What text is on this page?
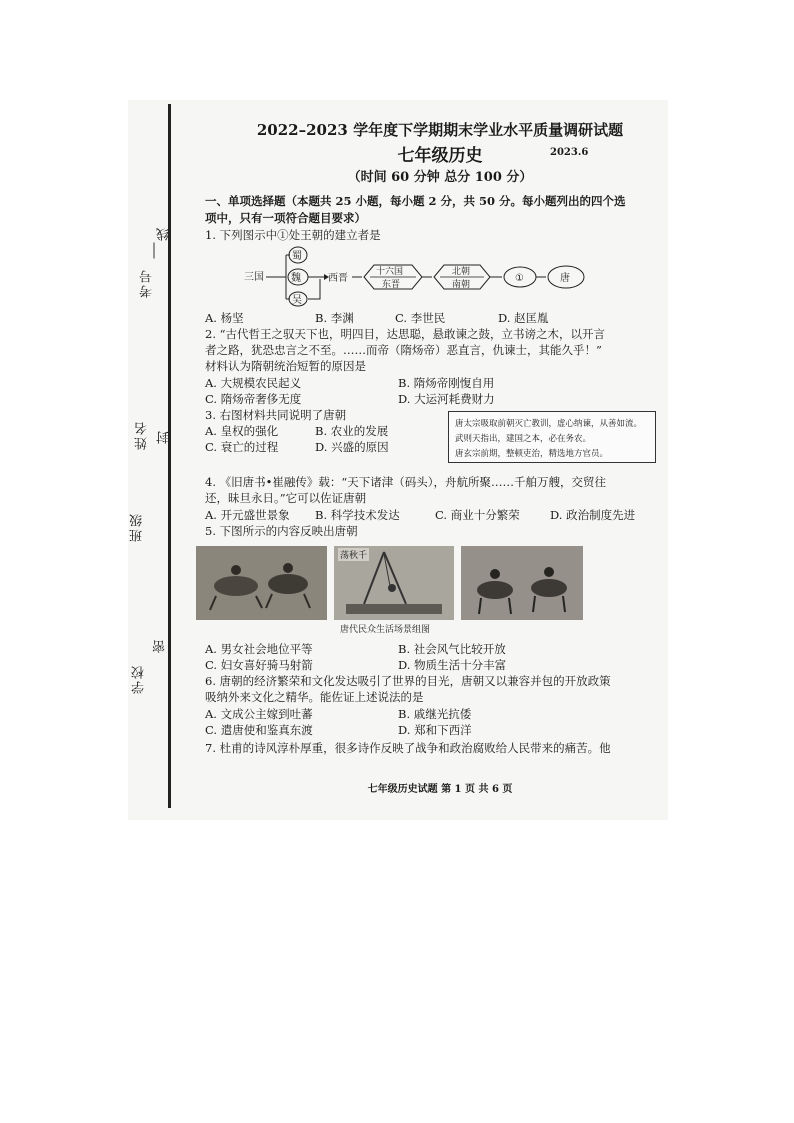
考号
姓名
班级
学校
线
封
密
2022–2023 学年度下学期期末学业水平质量调研试题
七年级历史	2023.6
（时间 60 分钟 总分 100 分）
一、单项选择题（本题共 25 小题，每小题 2 分，共 50 分。每小题列出的四个选
项中，只有一项符合题目要求）
1. 下列图示中①处王朝的建立者是
三国
蜀
魏
吴
西晋
十六国
东晋
北朝
南朝
①	唐
A. 杨坚	B. 李渊	C. 李世民	D. 赵匡胤
2. “古代哲王之驭天下也，明四目，达思聪，悬敢谏之鼓，立书谤之木，以开言
者之路，犹恐忠言之不至。……而帝（隋炀帝）恶直言，仇谏士，其能久乎！”
材料认为隋朝统治短暂的原因是
A. 大规模农民起义	B. 隋炀帝刚愎自用
C. 隋炀帝奢侈无度	D. 大运河耗费财力
3. 右图材料共同说明了唐朝
A. 皇权的强化	B. 农业的发展
C. 衰亡的过程	D. 兴盛的原因
唐太宗吸取前朝灭亡教训，虚心纳谏，从善如流。
武则天指出，建国之本，必在务农。
唐玄宗前期，整顿吏治，精选地方官员。
4. 《旧唐书•崔融传》载：“天下诸津（码头），舟航所聚……千舶万艘，交贸往
还，昧旦永日。”它可以佐证唐朝
A. 开元盛世景象 B. 科学技术发达	C. 商业十分繁荣	D. 政治制度先进
5. 下图所示的内容反映出唐朝
荡秋千
唐代民众生活场景组图
A. 男女社会地位平等	B. 社会风气比较开放
C. 妇女喜好骑马射箭	D. 物质生活十分丰富
6. 唐朝的经济繁荣和文化发达吸引了世界的目光，唐朝又以兼容并包的开放政策
吸纳外来文化之精华。能佐证上述说法的是
A. 文成公主嫁到吐蕃	B. 戚继光抗倭
C. 遣唐使和鉴真东渡	D. 郑和下西洋
7. 杜甫的诗风淳朴厚重，很多诗作反映了战争和政治腐败给人民带来的痛苦。他
七年级历史试题 第 1 页 共 6 页
